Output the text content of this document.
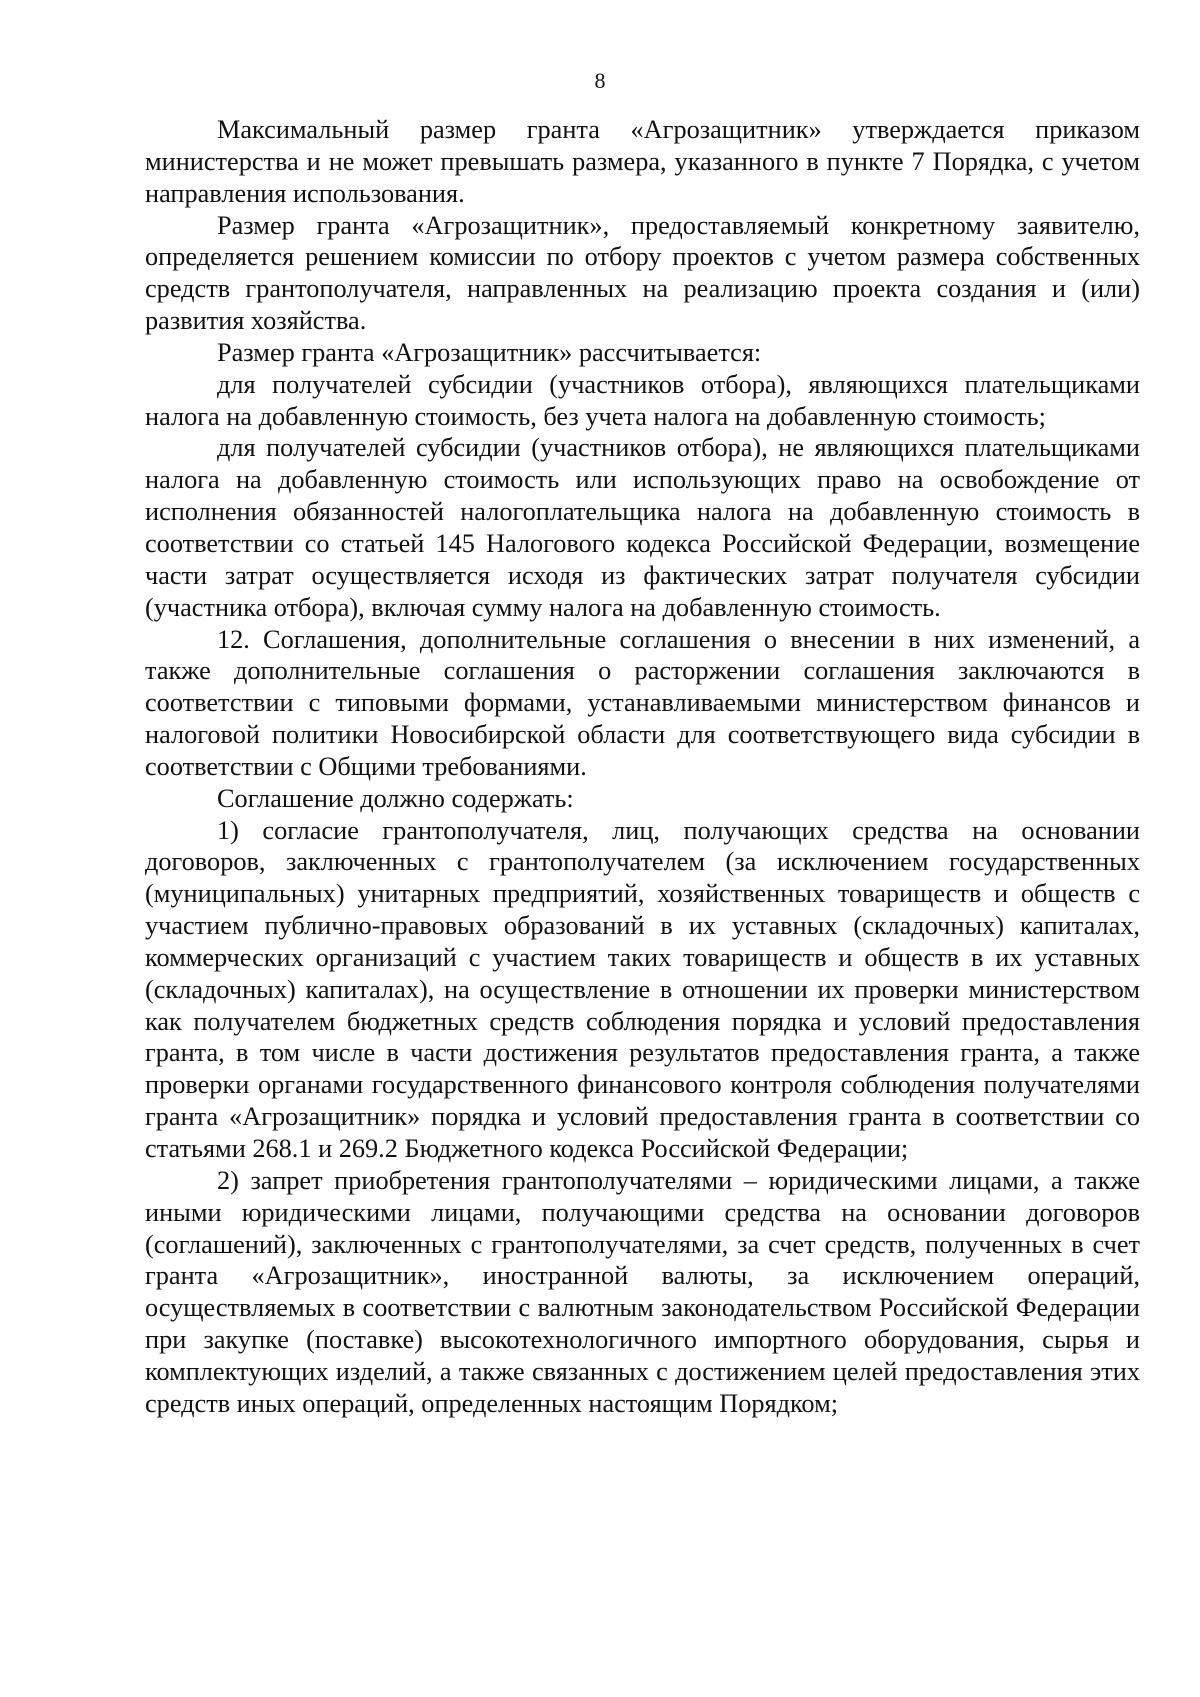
8

Максимальный размер гранта «Агрозащитник» утверждается приказом министерства и не может превышать размера, указанного в пункте 7 Порядка, с учетом направления использования.

Размер гранта «Агрозащитник», предоставляемый конкретному заявителю, определяется решением комиссии по отбору проектов с учетом размера собственных средств грантополучателя, направленных на реализацию проекта создания и (или) развития хозяйства.

Размер гранта «Агрозащитник» рассчитывается:

для получателей субсидии (участников отбора), являющихся плательщиками налога на добавленную стоимость, без учета налога на добавленную стоимость;

для получателей субсидии (участников отбора), не являющихся плательщиками налога на добавленную стоимость или использующих право на освобождение от исполнения обязанностей налогоплательщика налога на добавленную стоимость в соответствии со статьей 145 Налогового кодекса Российской Федерации, возмещение части затрат осуществляется исходя из фактических затрат получателя субсидии (участника отбора), включая сумму налога на добавленную стоимость.

12. Соглашения, дополнительные соглашения о внесении в них изменений, а также дополнительные соглашения о расторжении соглашения заключаются в соответствии с типовыми формами, устанавливаемыми министерством финансов и налоговой политики Новосибирской области для соответствующего вида субсидии в соответствии с Общими требованиями.

Соглашение должно содержать:

1) согласие грантополучателя, лиц, получающих средства на основании договоров, заключенных с грантополучателем (за исключением государственных (муниципальных) унитарных предприятий, хозяйственных товариществ и обществ с участием публично-правовых образований в их уставных (складочных) капиталах, коммерческих организаций с участием таких товариществ и обществ в их уставных (складочных) капиталах), на осуществление в отношении их проверки министерством как получателем бюджетных средств соблюдения порядка и условий предоставления гранта, в том числе в части достижения результатов предоставления гранта, а также проверки органами государственного финансового контроля соблюдения получателями гранта «Агрозащитник» порядка и условий предоставления гранта в соответствии со статьями 268.1 и 269.2 Бюджетного кодекса Российской Федерации;

2) запрет приобретения грантополучателями – юридическими лицами, а также иными юридическими лицами, получающими средства на основании договоров (соглашений), заключенных с грантополучателями, за счет средств, полученных в счет гранта «Агрозащитник», иностранной валюты, за исключением операций, осуществляемых в соответствии с валютным законодательством Российской Федерации при закупке (поставке) высокотехнологичного импортного оборудования, сырья и комплектующих изделий, а также связанных с достижением целей предоставления этих средств иных операций, определенных настоящим Порядком;
